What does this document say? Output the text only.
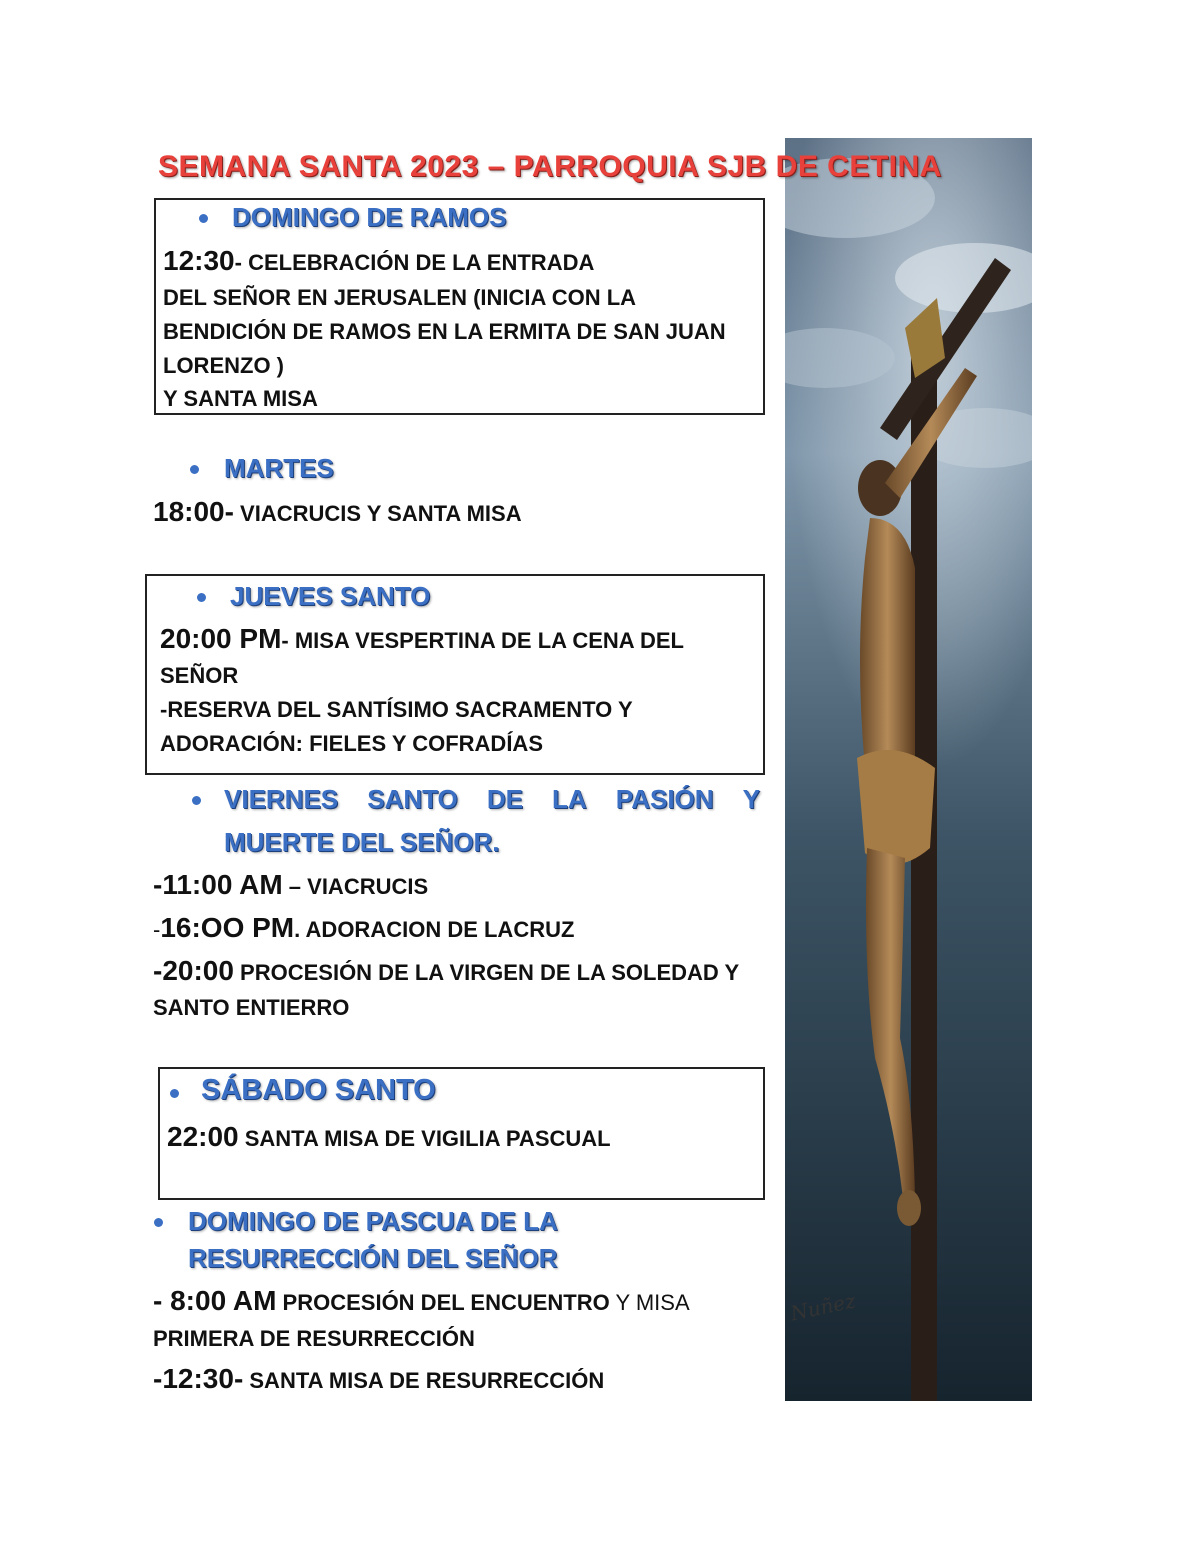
SEMANA SANTA 2023 – PARROQUIA SJB DE CETINA
Nuñez
DOMINGO DE RAMOS
12:30- CELEBRACIÓN DE LA ENTRADA
DEL SEÑOR EN JERUSALEN (INICIA CON LA
BENDICIÓN DE RAMOS EN LA ERMITA DE SAN JUAN
LORENZO )
Y SANTA MISA
MARTES
18:00- VIACRUCIS Y SANTA MISA
JUEVES SANTO
20:00 PM- MISA VESPERTINA DE LA CENA DEL
SEÑOR
-RESERVA DEL SANTÍSIMO SACRAMENTO Y
ADORACIÓN: FIELES Y COFRADÍAS
VIERNES SANTO DE LA PASIÓN Y
MUERTE DEL SEÑOR.
-11:00 AM – VIACRUCIS
-16:OO PM. ADORACION DE LACRUZ
-20:00 PROCESIÓN DE LA VIRGEN DE LA SOLEDAD Y
SANTO ENTIERRO
SÁBADO SANTO
22:00 SANTA MISA DE VIGILIA PASCUAL
DOMINGO DE PASCUA DE LA
RESURRECCIÓN DEL SEÑOR
- 8:00 AM PROCESIÓN DEL ENCUENTRO Y MISA
PRIMERA DE RESURRECCIÓN
-12:30- SANTA MISA DE RESURRECCIÓN
